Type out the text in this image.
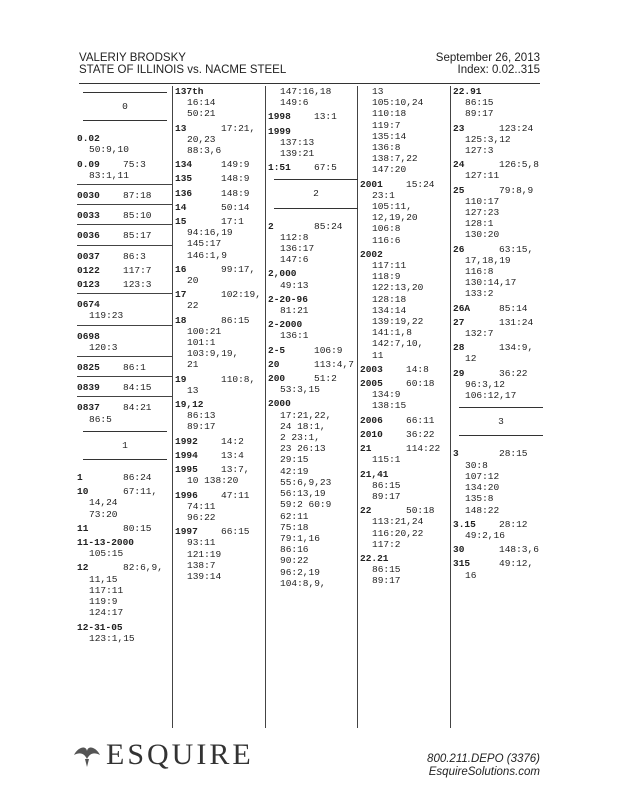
VALERIY BRODSKY
STATE OF ILLINOIS vs. NACME STEEL
September 26, 2013
Index: 0.02..315
0
0.02
50:9,10
0.09 75:3
83:1,11
0030 87:18
0033 85:10
0036 85:17
0037 86:3
0122 117:7
0123 123:3
0674
119:23
0698
120:3
0825 86:1
0839 84:15
0837 84:21
86:5
1
1	86:24
10	67:11,
14,24
73:20
11	80:15
11-13-2000
105:15
12	82:6,9,
11,15
117:11
119:9
124:17
12-31-05
123:1,15
137th
16:14
50:21
13	17:21,
20,23
88:3,6
134	149:9
135	148:9
136	148:9
14	50:14
15	17:1
94:16,19
145:17
146:1,9
16	99:17,
20
17	102:19,
22
18	86:15
100:21
101:1
103:9,19,
21
19	110:8,
13
19,12
86:13
89:17
1992 14:2
1994 13:4
1995 13:7,
10 138:20
1996 47:11
74:11
96:22
1997 66:15
93:11
121:19
138:7
139:14
147:16,18
149:6
1998 13:1
1999
137:13
139:21
1:51 67:5
2
2	85:24
112:8
136:17
147:6
2,000
49:13
2-20-96
81:21
2-2000
136:1
2-5	106:9
20	113:4,7
200	51:2
53:3,15
2000
17:21,22,
24 18:1,
2 23:1,
23 26:13
29:15
42:19
55:6,9,23
56:13,19
59:2 60:9
62:11
75:18
79:1,16
86:16
90:22
96:2,19
104:8,9,
13
105:10,24
110:18
119:7
135:14
136:8
138:7,22
147:20
2001 15:24
23:1
105:11,
12,19,20
106:8
116:6
2002
117:11
118:9
122:13,20
128:18
134:14
139:19,22
141:1,8
142:7,10,
11
2003 14:8
2005 60:18
134:9
138:15
2006 66:11
2010 36:22
21	114:22
115:1
21,41
86:15
89:17
22	50:18
113:21,24
116:20,22
117:2
22.21
86:15
89:17
22.91
86:15
89:17
23	123:24
125:3,12
127:3
24	126:5,8
127:11
25	79:8,9
110:17
127:23
128:1
130:20
26	63:15,
17,18,19
116:8
130:14,17
133:2
26A	85:14
27	131:24
132:7
28	134:9,
12
29	36:22
96:3,12
106:12,17
3
3	28:15
30:8
107:12
134:20
135:8
148:22
3.15 28:12
49:2,16
30	148:3,6
315	49:12,
16
ESQUIRE	800.211.DEPO (3376)
EsquireSolutions.com
